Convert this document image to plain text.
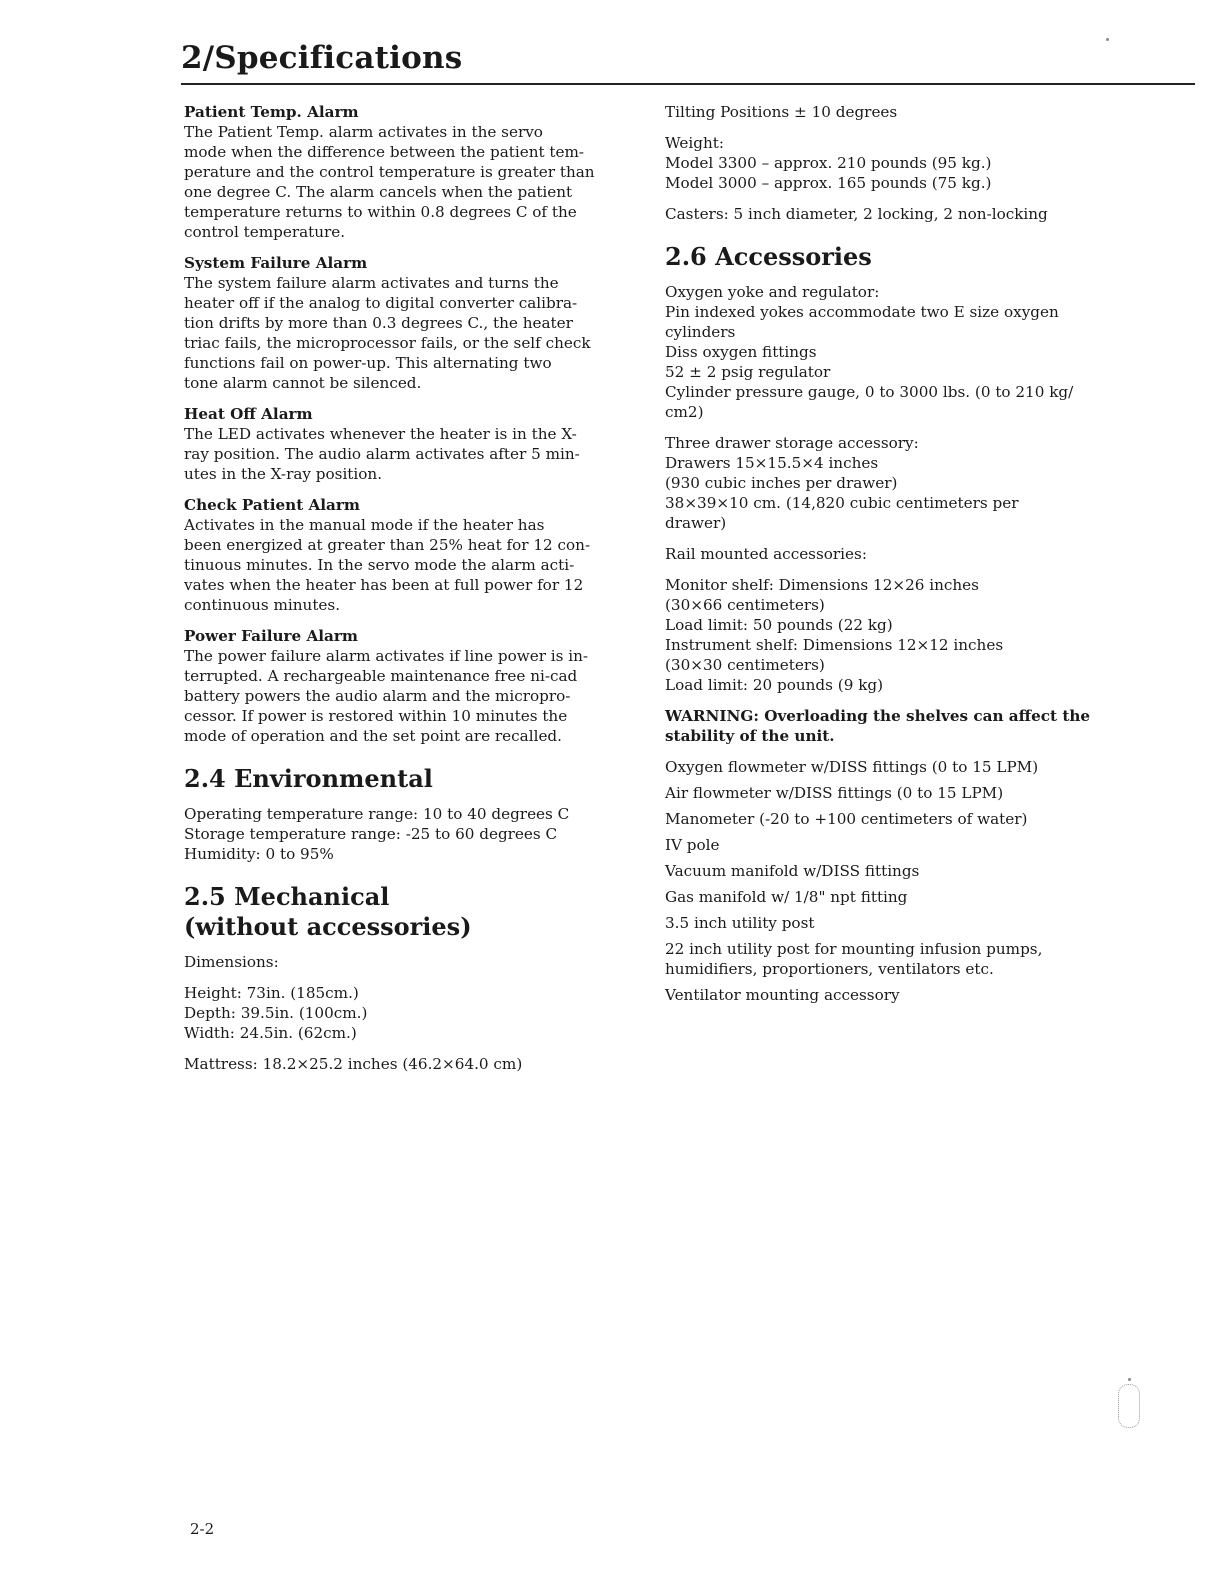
2/Specifications

Patient Temp. Alarm

The Patient Temp. alarm activates in the servo
mode when the difference between the patient tem-
perature and the control temperature is greater than
one degree C. The alarm cancels when the patient
temperature returns to within 0.8 degrees C of the
control temperature.

System Failure Alarm

The system failure alarm activates and turns the
heater off if the analog to digital converter calibra-
tion drifts by more than 0.3 degrees C., the heater
triac fails, the microprocessor fails, or the self check
functions fail on power-up. This alternating two
tone alarm cannot be silenced.

Heat Off Alarm

The LED activates whenever the heater is in the X-
ray position. The audio alarm activates after 5 min-
utes in the X-ray position.

Check Patient Alarm

Activates in the manual mode if the heater has
been energized at greater than 25% heat for 12 con-
tinuous minutes. In the servo mode the alarm acti-
vates when the heater has been at full power for 12
continuous minutes.

Power Failure Alarm

The power failure alarm activates if line power is in-
terrupted. A rechargeable maintenance free ni-cad
battery powers the audio alarm and the micropro-
cessor. If power is restored within 10 minutes the
mode of operation and the set point are recalled.

2.4 Environmental

Operating temperature range: 10 to 40 degrees C
Storage temperature range: -25 to 60 degrees C
Humidity: 0 to 95%

2.5 Mechanical
(without accessories)

Dimensions:

Height: 73in. (185cm.)
Depth: 39.5in. (100cm.)
Width: 24.5in. (62cm.)

Mattress: 18.2×25.2 inches (46.2×64.0 cm)

Tilting Positions ± 10 degrees

Weight:
Model 3300 – approx. 210 pounds (95 kg.)
Model 3000 – approx. 165 pounds (75 kg.)

Casters: 5 inch diameter, 2 locking, 2 non-locking

2.6 Accessories

Oxygen yoke and regulator:
Pin indexed yokes accommodate two E size oxygen
cylinders
Diss oxygen fittings
52 ± 2 psig regulator
Cylinder pressure gauge, 0 to 3000 lbs. (0 to 210 kg/
cm2)

Three drawer storage accessory:
Drawers 15×15.5×4 inches
(930 cubic inches per drawer)
38×39×10 cm. (14,820 cubic centimeters per
drawer)

Rail mounted accessories:

Monitor shelf: Dimensions 12×26 inches
(30×66 centimeters)
Load limit: 50 pounds (22 kg)
Instrument shelf: Dimensions 12×12 inches
(30×30 centimeters)
Load limit: 20 pounds (9 kg)

WARNING: Overloading the shelves can affect the
stability of the unit.

Oxygen flowmeter w/DISS fittings (0 to 15 LPM)

Air flowmeter w/DISS fittings (0 to 15 LPM)

Manometer (-20 to +100 centimeters of water)

IV pole

Vacuum manifold w/DISS fittings

Gas manifold w/ 1/8" npt fitting

3.5 inch utility post

22 inch utility post for mounting infusion pumps,
humidifiers, proportioners, ventilators etc.

Ventilator mounting accessory

2-2
